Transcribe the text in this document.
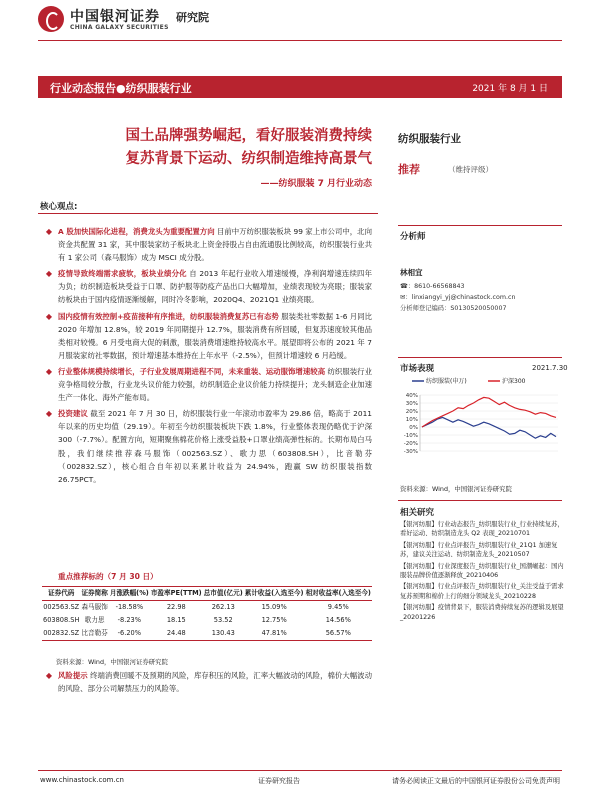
中国银河证券
CHINA GALAXY SECURITIES
研究院
行业动态报告●纺织服装行业	2021 年 8 月 1 日
国土品牌强势崛起，看好服装消费持续
复苏背景下运动、纺织制造维持高景气
——纺织服装 7 月行业动态
核心观点:
◆ A 股加快国际化进程，消费龙头为重要配置方向 目前中万纺织服装板块 99 家上市公司中，北向资金共配置 31 家，其中服装家纺子板块北上资金持股占自由流通股比例较高，纺织服装行业共有 1 家公司（森马服饰）成为 MSCI 成分股。
◆ 疫情导致终端需求疲软，板块业绩分化 自 2013 年起行业收入增速缓慢，净利润增速连续四年为负；纺织制造板块受益于口罩、防护服等防疫产品出口大幅增加，业绩表现较为亮眼；服装家纺板块由于国内疫情逐渐缓解，同时冷冬影响，2020Q4、2021Q1 业绩亮眼。
◆ 国内疫情有效控制+疫苗接种有序推进，纺织服装消费复苏已有态势 服装类社零数据 1-6 月同比 2020 年增加 12.8%，较 2019 年同期提升 12.7%，服装消费有所回暖，但复苏速度较其他品类相对较慢。6 月受电商大促的刺激，服装消费增速维持较高水平。展望即将公布的 2021 年 7 月服装家纺社零数据，预计增速基本维持在上年水平（-2.5%），但预计增速较 6 月趋缓。
◆ 行业整体规模持续增长，子行业发展周期进程不同，未来重装、运动服饰增速较高 纺织服装行业竞争格局较分散，行业龙头议价能力较强，纺织制造企业议价能力持续提升；龙头制造企业加速生产一体化、海外产能布局。
◆ 投资建议 截至 2021 年 7 月 30 日，纺织服装行业一年滚动市盈率为 29.86 倍，略高于 2011 年以来的历史均值（29.19）。年初至今纺织服装板块下跌 1.8%，行业整体表现仍略优于沪深 300（-7.7%）。配置方向，短期聚焦棉花价格上涨受益股+口罩业绩高弹性标的。长期布局白马股，我们继续推荐森马服饰（002563.SZ）、歌力思（603808.SH），比音勒芬（002832.SZ），核心组合自年初以来累计收益为 24.94%，跑赢 SW 纺织服装指数 26.75PCT。
重点推荐标的（7 月 30 日）
证券代码	证券简称	月涨跌幅(%)	市盈率PE(TTM)	总市值(亿元)	累计收益(入选至今)	相对收益率(入选至今)
002563.SZ	森马服饰	-18.58%	22.98	262.13	15.09%	9.45%
603808.SH	歌力思	-8.23%	18.15	53.52	12.75%	14.56%
002832.SZ	比音勒芬	-6.20%	24.48	130.43	47.81%	56.57%
资料来源：Wind，中国银河证券研究院
◆ 风险提示 终端消费回暖不及预期的风险，库存积压的风险，汇率大幅波动的风险，棉价大幅波动的风险、部分公司解禁压力的风险等。
纺织服装行业
推荐	（维持评级）
分析师
林相宜
☎：8610-66568843
✉：linxiangyi_yj@chinastock.com.cn
分析师登记编码：S0130520050007
市场表现	2021.7.30
40%
30%
20%
10%
0%
-10%
-20%
-30%
纺织服装(申万)	沪深300
资料来源：Wind，中国银河证券研究院
相关研究
【银河纺服】行业动态报告_纺织服装行业_行业持续复苏，看好运动、纺织制造龙头 Q2 表现_20210701
【银河纺服】行业点评报告_纺织服装行业_21Q1 加速复苏，建议关注运动、纺织制造龙头_20210507
【银河纺服】行业深度报告_纺织服装行业_国潮崛起：国内服装品牌价值逐渐释放_20210406
【银河纺服】行业点评报告_纺织服装行业_关注受益于需求复苏预期和棉价上行的细分领域龙头_20210228
【银河纺服】疫情背景下，服装消费持续复苏的逻辑及展望_20201226
www.chinastock.com.cn	证券研究报告	请务必阅读正文最后的中国银河证券股份公司免责声明
